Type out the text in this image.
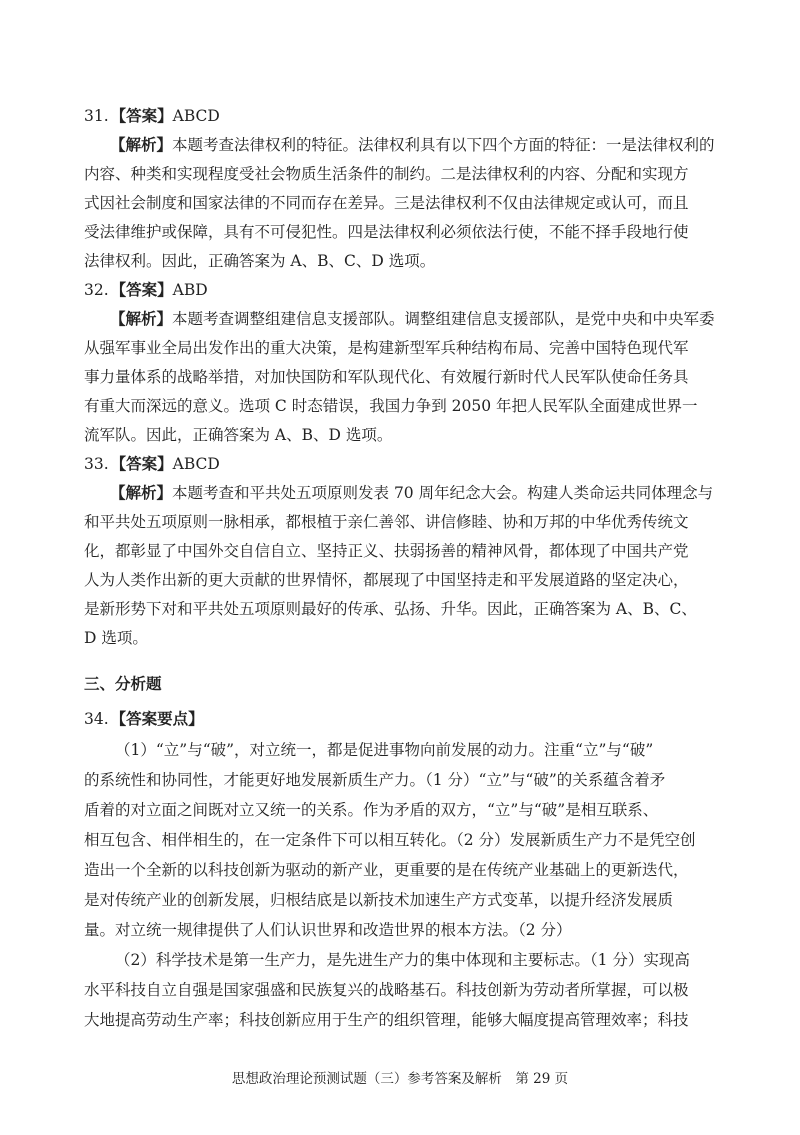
31. 【答案】ABCD
【解析】本题考查法律权利的特征。法律权利具有以下四个方面的特征：一是法律权利的
内容、种类和实现程度受社会物质生活条件的制约。二是法律权利的内容、分配和实现方
式因社会制度和国家法律的不同而存在差异。三是法律权利不仅由法律规定或认可，而且
受法律维护或保障，具有不可侵犯性。四是法律权利必须依法行使，不能不择手段地行使
法律权利。因此，正确答案为 A、B、C、D 选项。
32. 【答案】ABD
【解析】本题考查调整组建信息支援部队。调整组建信息支援部队，是党中央和中央军委
从强军事业全局出发作出的重大决策，是构建新型军兵种结构布局、完善中国特色现代军
事力量体系的战略举措，对加快国防和军队现代化、有效履行新时代人民军队使命任务具
有重大而深远的意义。选项 C 时态错误，我国力争到 2050 年把人民军队全面建成世界一
流军队。因此，正确答案为 A、B、D 选项。
33. 【答案】ABCD
【解析】本题考查和平共处五项原则发表 70 周年纪念大会。构建人类命运共同体理念与
和平共处五项原则一脉相承，都根植于亲仁善邻、讲信修睦、协和万邦的中华优秀传统文
化，都彰显了中国外交自信自立、坚持正义、扶弱扬善的精神风骨，都体现了中国共产党
人为人类作出新的更大贡献的世界情怀，都展现了中国坚持走和平发展道路的坚定决心，
是新形势下对和平共处五项原则最好的传承、弘扬、升华。因此，正确答案为 A、B、C、
D 选项。
三、分析题
34. 【答案要点】
（1）“立”与“破”，对立统一，都是促进事物向前发展的动力。注重“立”与“破”
的系统性和协同性，才能更好地发展新质生产力。（1 分）“立”与“破”的关系蕴含着矛
盾着的对立面之间既对立又统一的关系。作为矛盾的双方，“立”与“破”是相互联系、
相互包含、相伴相生的，在一定条件下可以相互转化。（2 分）发展新质生产力不是凭空创
造出一个全新的以科技创新为驱动的新产业，更重要的是在传统产业基础上的更新迭代，
是对传统产业的创新发展，归根结底是以新技术加速生产方式变革，以提升经济发展质
量。对立统一规律提供了人们认识世界和改造世界的根本方法。（2 分）
（2）科学技术是第一生产力，是先进生产力的集中体现和主要标志。（1 分）实现高
水平科技自立自强是国家强盛和民族复兴的战略基石。科技创新为劳动者所掌握，可以极
大地提高劳动生产率；科技创新应用于生产的组织管理，能够大幅度提高管理效率；科技
思想政治理论预测试题（三）参考答案及解析　第 29 页
